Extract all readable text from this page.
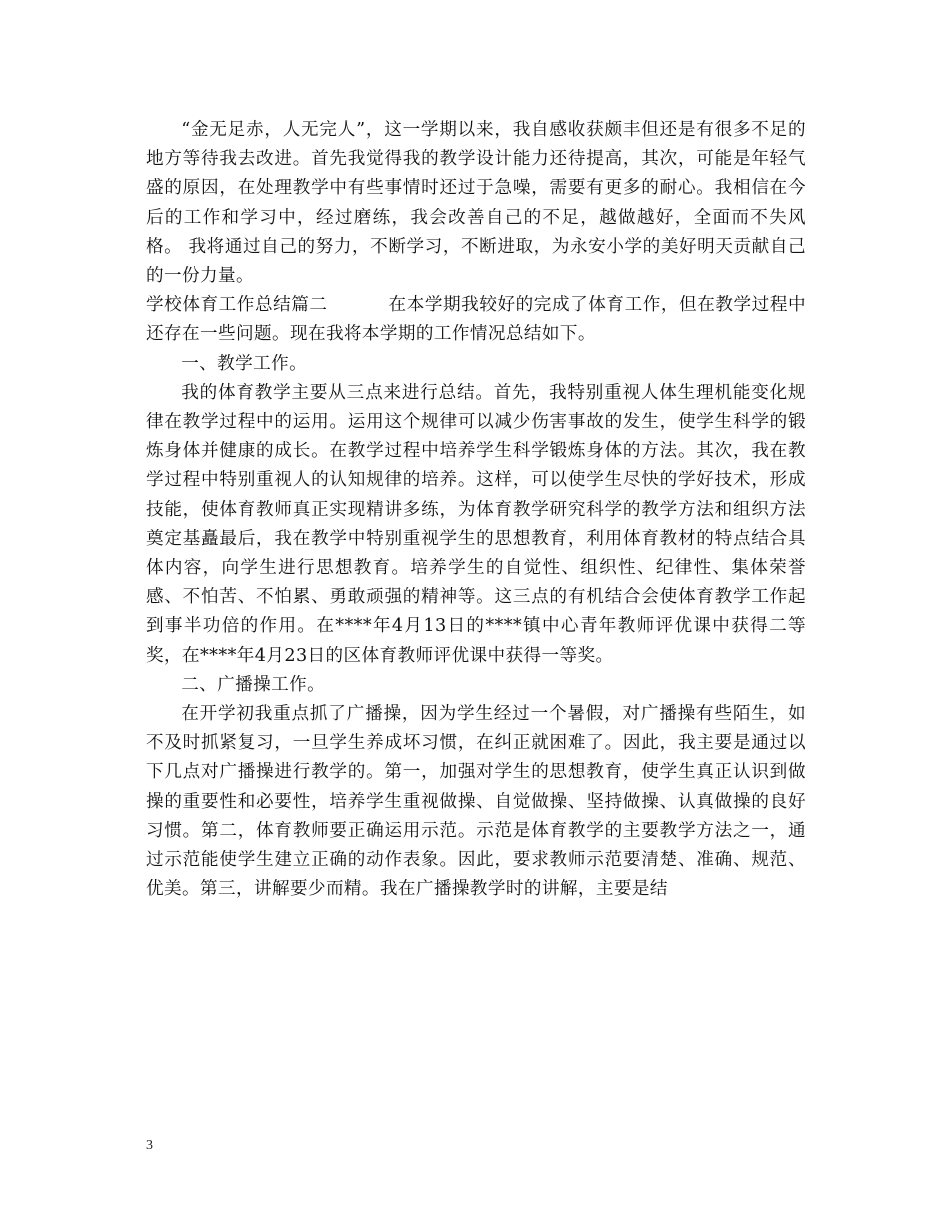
“金无足赤，人无完人”，这一学期以来，我自感收获颇丰但还是有很多不足的地方等待我去改进。首先我觉得我的教学设计能力还待提高，其次，可能是年轻气盛的原因，在处理教学中有些事情时还过于急噪，需要有更多的耐心。我相信在今后的工作和学习中，经过磨练，我会改善自己的不足，越做越好，全面而不失风格。 我将通过自己的努力，不断学习，不断进取，为永安小学的美好明天贡献自己的一份力量。

学校体育工作总结篇二	在本学期我较好的完成了体育工作，但在教学过程中还存在一些问题。现在我将本学期的工作情况总结如下。

一、教学工作。

我的体育教学主要从三点来进行总结。首先，我特别重视人体生理机能变化规律在教学过程中的运用。运用这个规律可以减少伤害事故的发生，使学生科学的锻炼身体并健康的成长。在教学过程中培养学生科学锻炼身体的方法。其次，我在教学过程中特别重视人的认知规律的培养。这样，可以使学生尽快的学好技术，形成技能，使体育教师真正实现精讲多练，为体育教学研究科学的教学方法和组织方法奠定基矗最后，我在教学中特别重视学生的思想教育，利用体育教材的特点结合具体内容，向学生进行思想教育。培养学生的自觉性、组织性、纪律性、集体荣誉感、不怕苦、不怕累、勇敢顽强的精神等。这三点的有机结合会使体育教学工作起到事半功倍的作用。在****年4月13日的****镇中心青年教师评优课中获得二等奖，在****年4月23日的区体育教师评优课中获得一等奖。

二、广播操工作。

在开学初我重点抓了广播操，因为学生经过一个暑假，对广播操有些陌生，如不及时抓紧复习，一旦学生养成坏习惯，在纠正就困难了。因此，我主要是通过以下几点对广播操进行教学的。第一，加强对学生的思想教育，使学生真正认识到做操的重要性和必要性，培养学生重视做操、自觉做操、坚持做操、认真做操的良好习惯。第二，体育教师要正确运用示范。示范是体育教学的主要教学方法之一，通过示范能使学生建立正确的动作表象。因此，要求教师示范要清楚、准确、规范、优美。第三，讲解要少而精。我在广播操教学时的讲解，主要是结

3
